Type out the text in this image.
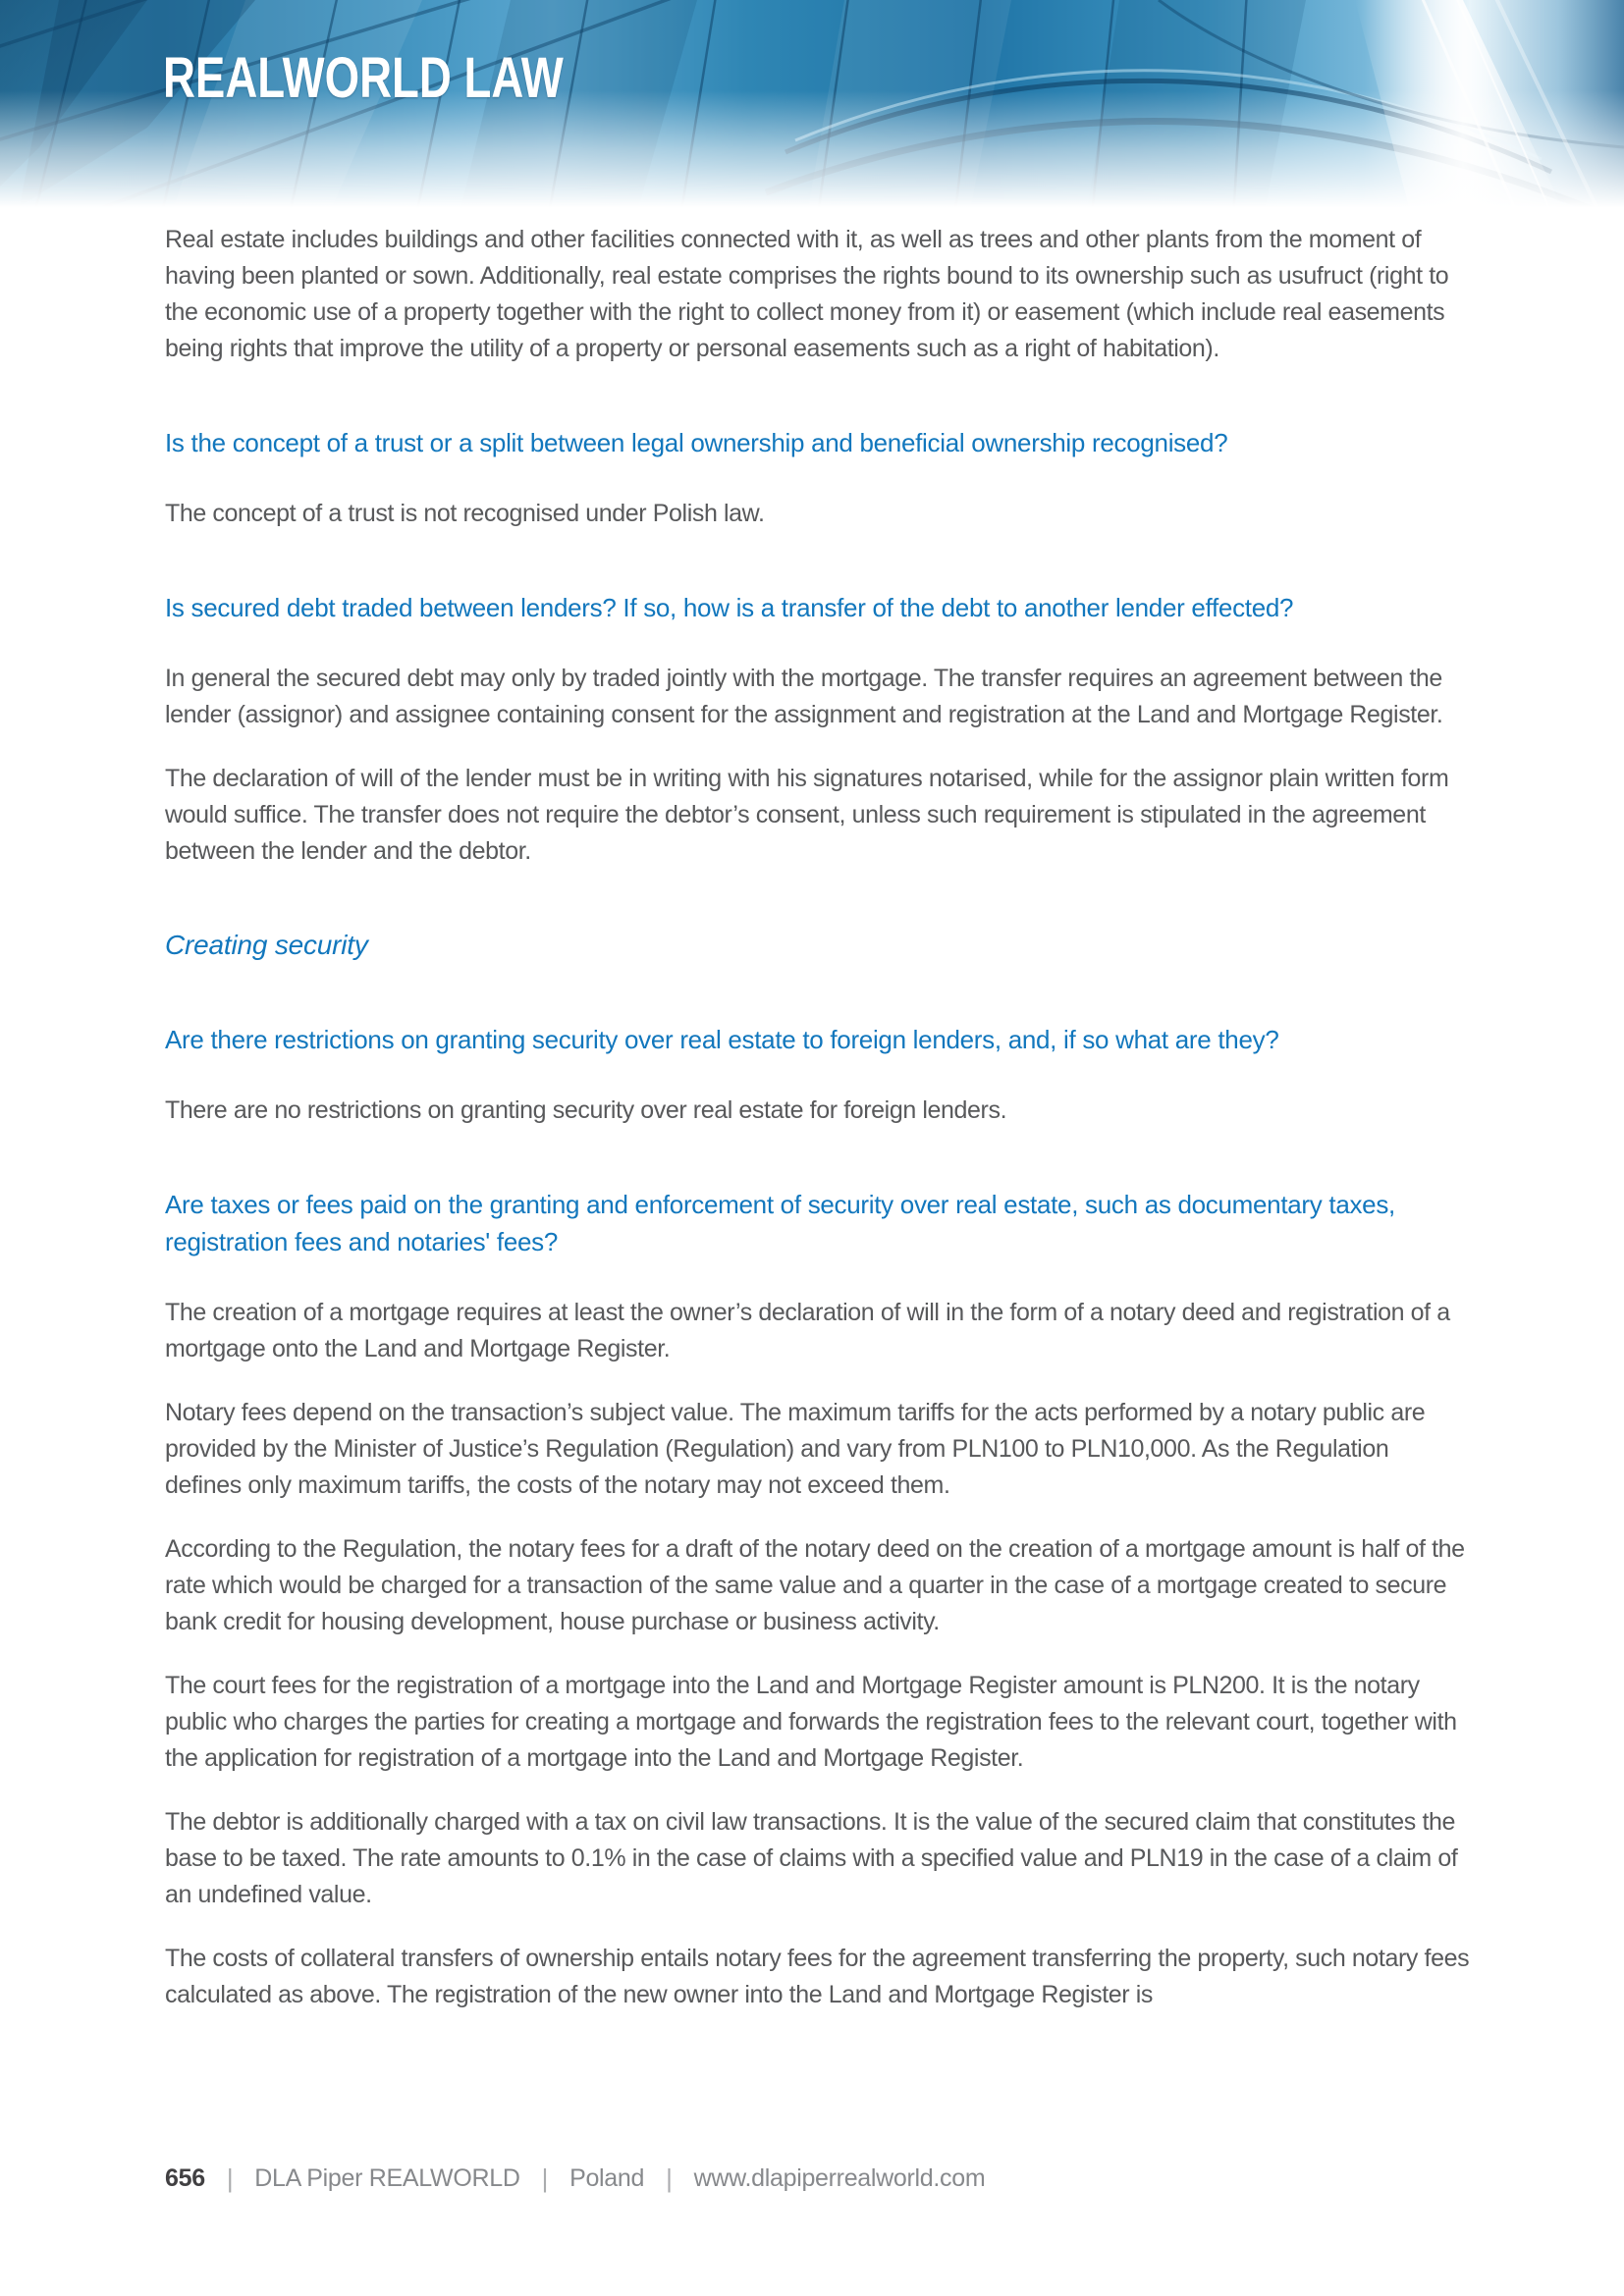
REALWORLD LAW

Real estate includes buildings and other facilities connected with it, as well as trees and other plants from the moment of having been planted or sown. Additionally, real estate comprises the rights bound to its ownership such as usufruct (right to the economic use of a property together with the right to collect money from it) or easement (which include real easements being rights that improve the utility of a property or personal easements such as a right of habitation).

Is the concept of a trust or a split between legal ownership and beneficial ownership recognised?

The concept of a trust is not recognised under Polish law.

Is secured debt traded between lenders? If so, how is a transfer of the debt to another lender effected?

In general the secured debt may only by traded jointly with the mortgage. The transfer requires an agreement between the lender (assignor) and assignee containing consent for the assignment and registration at the Land and Mortgage Register.

The declaration of will of the lender must be in writing with his signatures notarised, while for the assignor plain written form would suffice. The transfer does not require the debtor’s consent, unless such requirement is stipulated in the agreement between the lender and the debtor.

Creating security
Are there restrictions on granting security over real estate to foreign lenders, and, if so what are they?

There are no restrictions on granting security over real estate for foreign lenders.

Are taxes or fees paid on the granting and enforcement of security over real estate, such as documentary taxes, registration fees and notaries' fees?

The creation of a mortgage requires at least the owner’s declaration of will in the form of a notary deed and registration of a mortgage onto the Land and Mortgage Register.

Notary fees depend on the transaction’s subject value. The maximum tariffs for the acts performed by a notary public are provided by the Minister of Justice’s Regulation (Regulation) and vary from PLN100 to PLN10,000. As the Regulation defines only maximum tariffs, the costs of the notary may not exceed them.

According to the Regulation, the notary fees for a draft of the notary deed on the creation of a mortgage amount is half of the rate which would be charged for a transaction of the same value and a quarter in the case of a mortgage created to secure bank credit for housing development, house purchase or business activity.

The court fees for the registration of a mortgage into the Land and Mortgage Register amount is PLN200. It is the notary public who charges the parties for creating a mortgage and forwards the registration fees to the relevant court, together with the application for registration of a mortgage into the Land and Mortgage Register.

The debtor is additionally charged with a tax on civil law transactions. It is the value of the secured claim that constitutes the base to be taxed. The rate amounts to 0.1% in the case of claims with a specified value and PLN19 in the case of a claim of an undefined value.

The costs of collateral transfers of ownership entails notary fees for the agreement transferring the property, such notary fees calculated as above. The registration of the new owner into the Land and Mortgage Register is

656 | DLA Piper REALWORLD | Poland | www.dlapiperrealworld.com
